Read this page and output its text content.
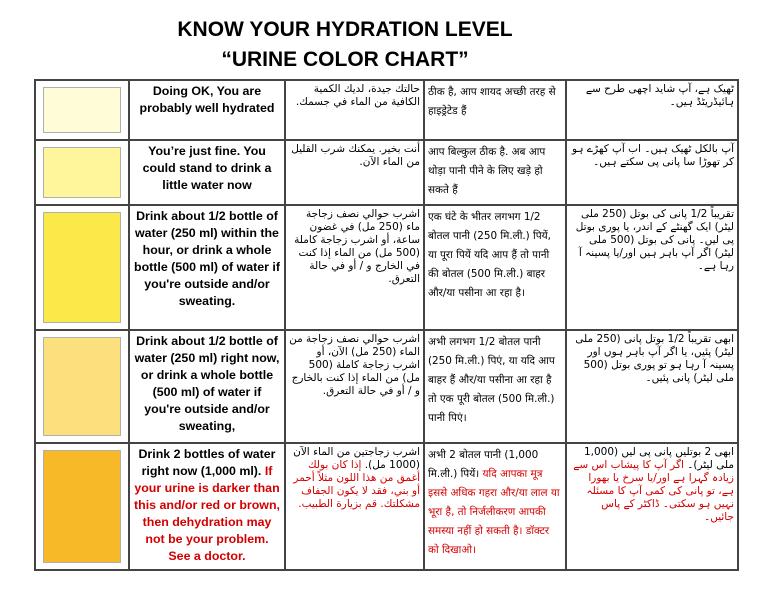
KNOW YOUR HYDRATION LEVEL
“URINE COLOR CHART”
	Doing OK, You are probably well hydrated	حالتك جيدة، لديك الكمية الكافية من الماء في جسمك.	ठीक है, आप शायद अच्छी तरह से हाइड्रेटेड हैं	ٹھیک ہے، آپ شاید اچھی طرح سے ہائیڈریٹڈ ہیں۔

	You’re just fine. You could stand to drink a little water now	أنت بخير. يمكنك شرب القليل من الماء الآن.	आप बिल्कुल ठीक है. अब आप थोड़ा पानी पीने के लिए खड़े हो सकते हैं	آپ بالکل ٹھیک ہیں۔ اب آپ کھڑے ہو کر تھوڑا سا پانی پی سکتے ہیں۔

	Drink about 1/2 bottle of water (250 ml) within the hour, or drink a whole bottle (500 ml) of water if you're outside and/or sweating.	اشرب حوالي نصف زجاجة ماء (250 مل) في غضون ساعة، أو اشرب زجاجة كاملة (500 مل) من الماء إذا كنت في الخارج و / أو في حالة التعرق.	एक घंटे के भीतर लगभग 1/2 बोतल पानी (250 मि.ली.) पियें, या पूरा पियें यदि आप हैं तो पानी की बोतल (500 मि.ली.) बाहर और/या पसीना आ रहा है।	تقریباً 1/2 پانی کی بوتل (250 ملی لیٹر) ایک گھنٹے کے اندر، یا پوری بوتل پی لیں۔ پانی کی بوتل (500 ملی لیٹر) اگر آپ باہر ہیں اور/یا پسینہ آ رہا ہے۔

	Drink about 1/2 bottle of water (250 ml) right now, or drink a whole bottle (500 ml) of water if you're outside and/or sweating,	اشرب حوالي نصف زجاجة من الماء (250 مل) الآن، أو اشرب زجاجة كاملة (500 مل) من الماء إذا كنت بالخارج و / أو في حالة التعرق.	अभी लगभग 1/2 बोतल पानी (250 मि.ली.) पिएं, या यदि आप बाहर हैं और/या पसीना आ रहा है तो एक पूरी बोतल (500 मि.ली.) पानी पिएं।	ابھی تقریباً 1/2 بوتل پانی (250 ملی لیٹر) پئیں، یا اگر آپ باہر ہوں اور پسینہ آ رہا ہو تو پوری بوتل (500 ملی لیٹر) پانی پئیں۔

	Drink 2 bottles of water right now (1,000 ml). If your urine is darker than this and/or red or brown, then dehydration may not be your problem. See a doctor.	اشرب زجاجتين من الماء الآن (1000 مل). إذا كان بولك أغمق من هذا اللون مثلاً أحمر أو بني، فقد لا يكون الجفاف مشكلتك. قم بزيارة الطبيب.	अभी 2 बोतल पानी (1,000 मि.ली.) पियें। यदि आपका मूत्र इससे अधिक गहरा और/या लाल या भूरा है, तो निर्जलीकरण आपकी समस्या नहीं हो सकती है। डॉक्टर को दिखाओ।	ابھی 2 بوتلیں پانی پی لیں (1,000 ملی لیٹر)۔ اگر آپ کا پیشاب اس سے زیادہ گہرا ہے اور/یا سرخ یا بھورا ہے، تو پانی کی کمی آپ کا مسئلہ نہیں ہو سکتی۔ ڈاکٹر کے پاس جائیں۔
